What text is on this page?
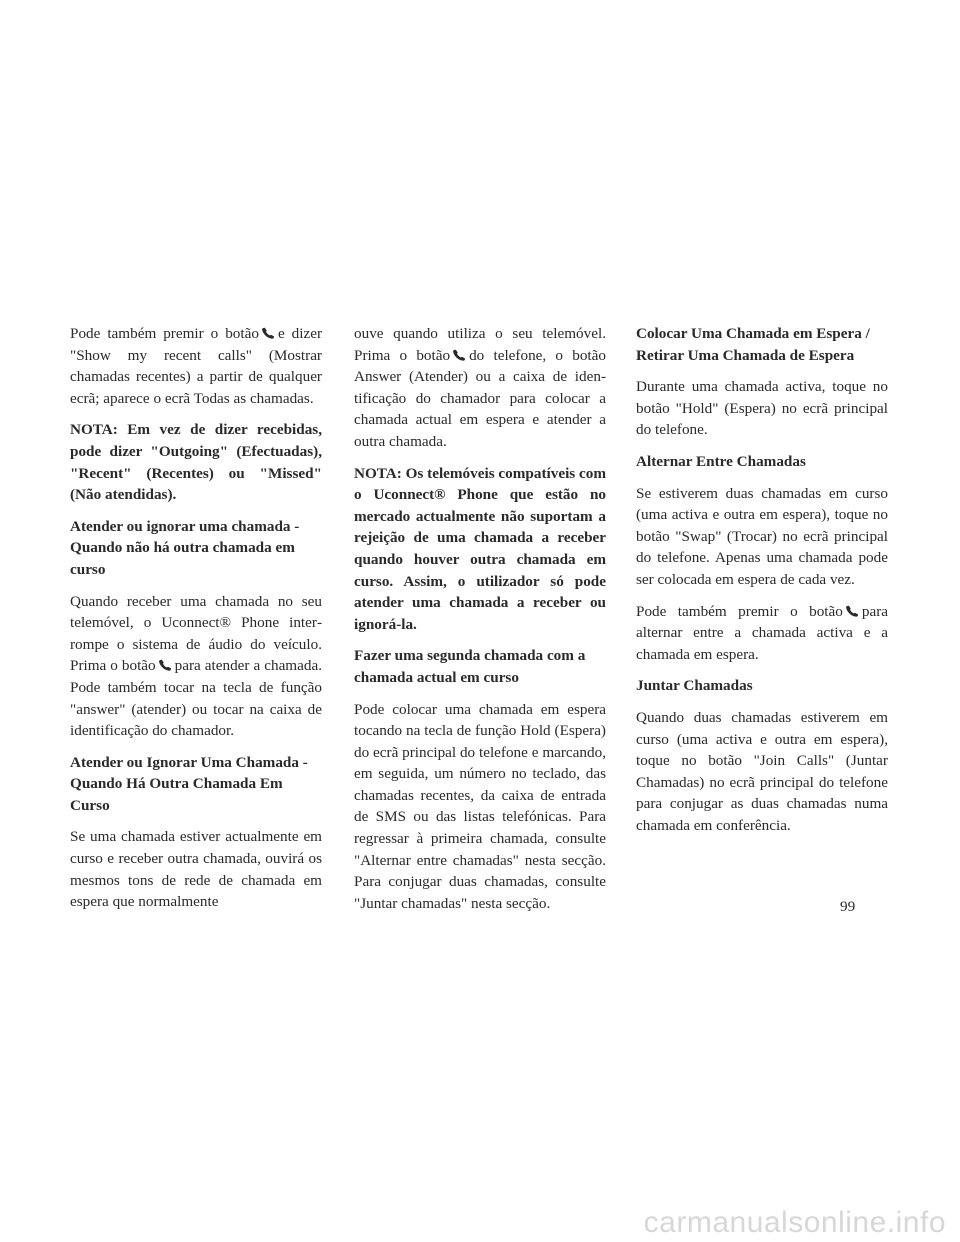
Pode também premir o botão e dizer "Show my recent calls" (Mostrar chamadas recentes) a partir de qualquer ecrã; aparece o ecrã Todas as chamadas.

NOTA: Em vez de dizer recebidas, pode dizer "Outgoing" (Efectuadas), "Recent" (Recentes) ou "Missed" (Não atendidas).

Atender ou ignorar uma chamada - Quando não há outra chamada em curso

Quando receber uma chamada no seu telemóvel, o Uconnect® Phone interrompe o sistema de áudio do veículo. Prima o botão para atender a chamada. Pode também tocar na tecla de função "answer" (atender) ou tocar na caixa de identificação do chamador.

Atender ou Ignorar Uma Chamada - Quando Há Outra Chamada Em Curso

Se uma chamada estiver actualmente em curso e receber outra chamada, ouvirá os mesmos tons de rede de chamada em espera que normalmente

ouve quando utiliza o seu telemóvel. Prima o botão do telefone, o botão Answer (Atender) ou a caixa de identificação do chamador para colocar a chamada actual em espera e atender a outra chamada.

NOTA: Os telemóveis compatíveis com o Uconnect® Phone que estão no mercado actualmente não suportam a rejeição de uma chamada a receber quando houver outra chamada em curso. Assim, o utilizador só pode atender uma chamada a receber ou ignorá-la.

Fazer uma segunda chamada com a chamada actual em curso

Pode colocar uma chamada em espera tocando na tecla de função Hold (Espera) do ecrã principal do telefone e marcando, em seguida, um número no teclado, das chamadas recentes, da caixa de entrada de SMS ou das listas telefónicas. Para regressar à primeira chamada, consulte "Alternar entre chamadas" nesta secção. Para conjugar duas chamadas, consulte "Juntar chamadas" nesta secção.

Colocar Uma Chamada em Espera / Retirar Uma Chamada de Espera

Durante uma chamada activa, toque no botão "Hold" (Espera) no ecrã principal do telefone.

Alternar Entre Chamadas

Se estiverem duas chamadas em curso (uma activa e outra em espera), toque no botão "Swap" (Trocar) no ecrã principal do telefone. Apenas uma chamada pode ser colocada em espera de cada vez.

Pode também premir o botão para alternar entre a chamada activa e a chamada em espera.

Juntar Chamadas

Quando duas chamadas estiverem em curso (uma activa e outra em espera), toque no botão "Join Calls" (Juntar Chamadas) no ecrã principal do telefone para conjugar as duas chamadas numa chamada em conferência.

99
carmanualsonline.info
